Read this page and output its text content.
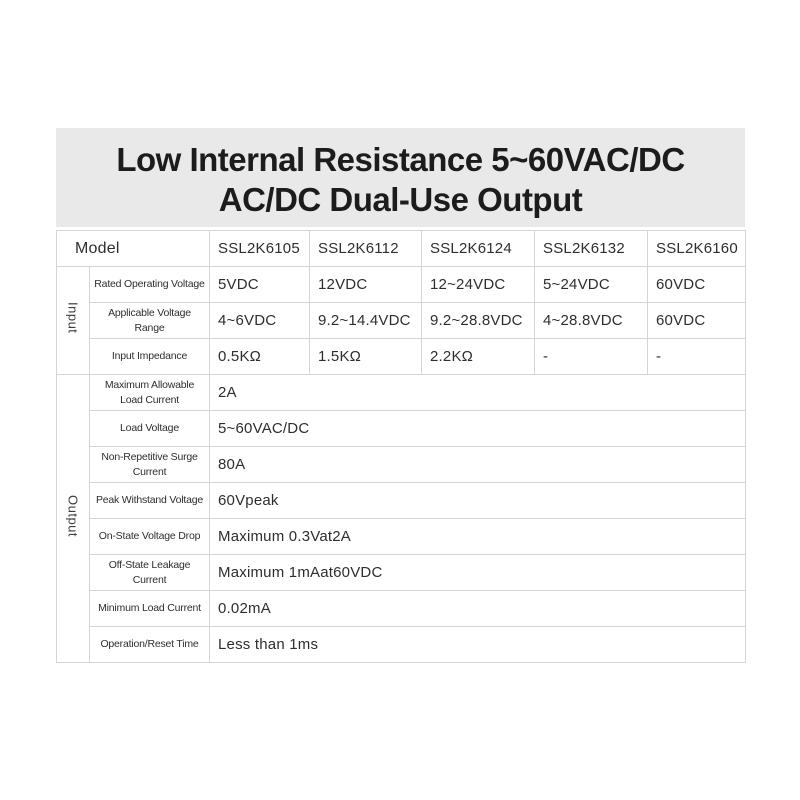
Low Internal Resistance 5~60VAC/DC
AC/DC Dual-Use Output
Model		SSL2K6105	SSL2K6112	SSL2K6124	SSL2K6132	SSL2K6160
Input	Rated Operating Voltage	5VDC	12VDC	12~24VDC	5~24VDC	60VDC
	Applicable Voltage Range	4~6VDC	9.2~14.4VDC	9.2~28.8VDC	4~28.8VDC	60VDC
	Input Impedance	0.5KΩ	1.5KΩ	2.2KΩ	-	-
Output	Maximum Allowable Load Current	2A				
	Load Voltage	5~60VAC/DC				
	Non-Repetitive Surge Current	80A				
	Peak Withstand Voltage	60Vpeak				
	On-State Voltage Drop	Maximum 0.3Vat2A				
	Off-State Leakage Current	Maximum 1mAat60VDC				
	Minimum Load Current	0.02mA				
	Operation/Reset Time	Less than 1ms				
